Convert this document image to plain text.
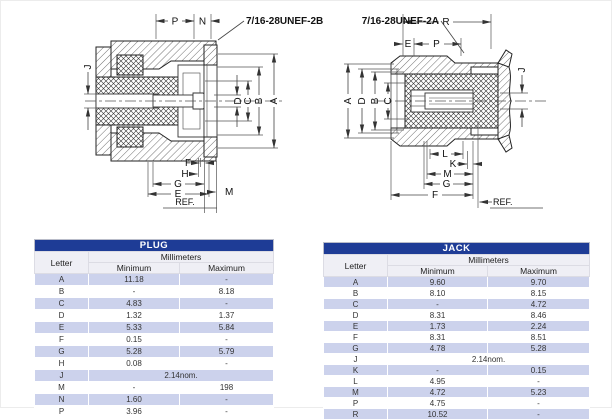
P N	7/16-28UNEF-2B
J
A
B
C
D
F
H
G
E
REF.
M
R
E P
7/16-28UNEF-2A
A D B C
J
L
K
M
G
F
REF.
PLUG		
Letter	Millimeters	
	Minimum	Maximum
A	11.18	-
B	-	8.18
C	4.83	-
D	1.32	1.37
E	5.33	5.84
F	0.15	-
G	5.28	5.79
H	0.08	-
J	2.14nom.	
M	-	198
N	1.60	-
P	3.96	-
JACK		
Letter	Millimeters	
	Minimum	Maximum
A	9.60	9.70
B	8.10	8.15
C	-	4.72
D	8.31	8.46
E	1.73	2.24
F	8.31	8.51
G	4.78	5.28
J	2.14nom.	
K	-	0.15
L	4.95	-
M	4.72	5.23
P	4.75	-
R	10.52	-
